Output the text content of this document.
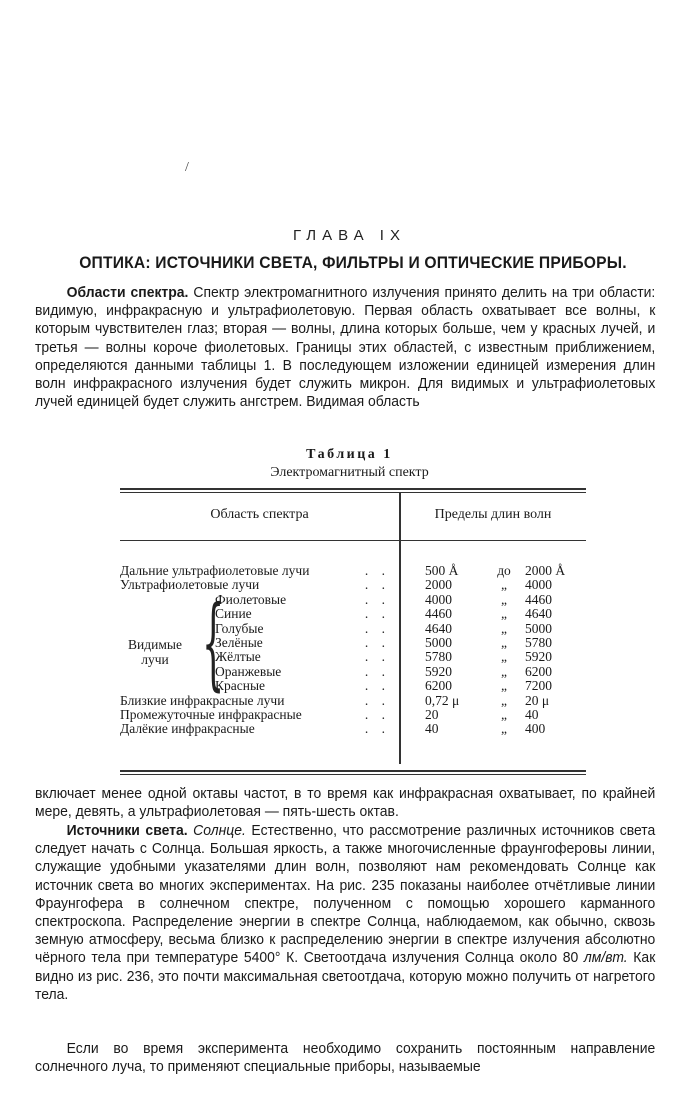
/
ГЛАВА IX
ОПТИКА: ИСТОЧНИКИ СВЕТА, ФИЛЬТРЫ И ОПТИЧЕСКИЕ ПРИБОРЫ.
Области спектра. Спектр электромагнитного излучения принято делить на три области: видимую, инфракрасную и ультрафиолетовую. Первая область охватывает все волны, к которым чувствителен глаз; вторая — волны, длина которых больше, чем у красных лучей, и третья — волны короче фиолетовых. Границы этих областей, с известным приближением, определяются данными таблицы 1. В последующем изложении единицей измерения длин волн инфракрасного излучения будет служить микрон. Для видимых и ультрафиолетовых лучей единицей будет служить ангстрем. Видимая область
Таблица 1
Электромагнитный спектр
Область спектра	Пределы длин волн
{
Видимые
лучи
Дальние ультрафиолетовые лучи	. .	500 Å	до 2000 Å
Ультрафиолетовые лучи	. .	2000	„	4000
Фиолетовые	. .	4000	„	4460
Синие	. .	4460	„	4640
Голубые	. .	4640	„	5000
Зелёные	. .	5000	„	5780
Жёлтые	. .	5780	„	5920
Оранжевые	. .	5920	„	6200
Красные	. .	6200	„	7200
Близкие инфракрасные лучи	. .	0,72 μ	„	20 μ
Промежуточные инфракрасные	. .	20	„	40
Далёкие инфракрасные	. .	40	„	400
включает менее одной октавы частот, в то время как инфракрасная охватывает, по крайней мере, девять, а ультрафиолетовая — пять-шесть октав.
Источники света. Солнце. Естественно, что рассмотрение различных источников света следует начать с Солнца. Большая яркость, а также многочисленные фраунгоферовы линии, служащие удобными указателями длин волн, позволяют нам рекомендовать Солнце как источник света во многих экспериментах. На рис. 235 показаны наиболее отчётливые линии Фраунгофера в солнечном спектре, полученном с помощью хорошего карманного спектроскопа. Распределение энергии в спектре Солнца, наблюдаемом, как обычно, сквозь земную атмосферу, весьма близко к распределению энергии в спектре излучения абсолютно чёрного тела при температуре 5400° К. Светоотдача излучения Солнца около 80 лм/вт. Как видно из рис. 236, это почти максимальная светоотдача, которую можно получить от нагретого тела.
Если во время эксперимента необходимо сохранить постоянным направление солнечного луча, то применяют специальные приборы, называемые
